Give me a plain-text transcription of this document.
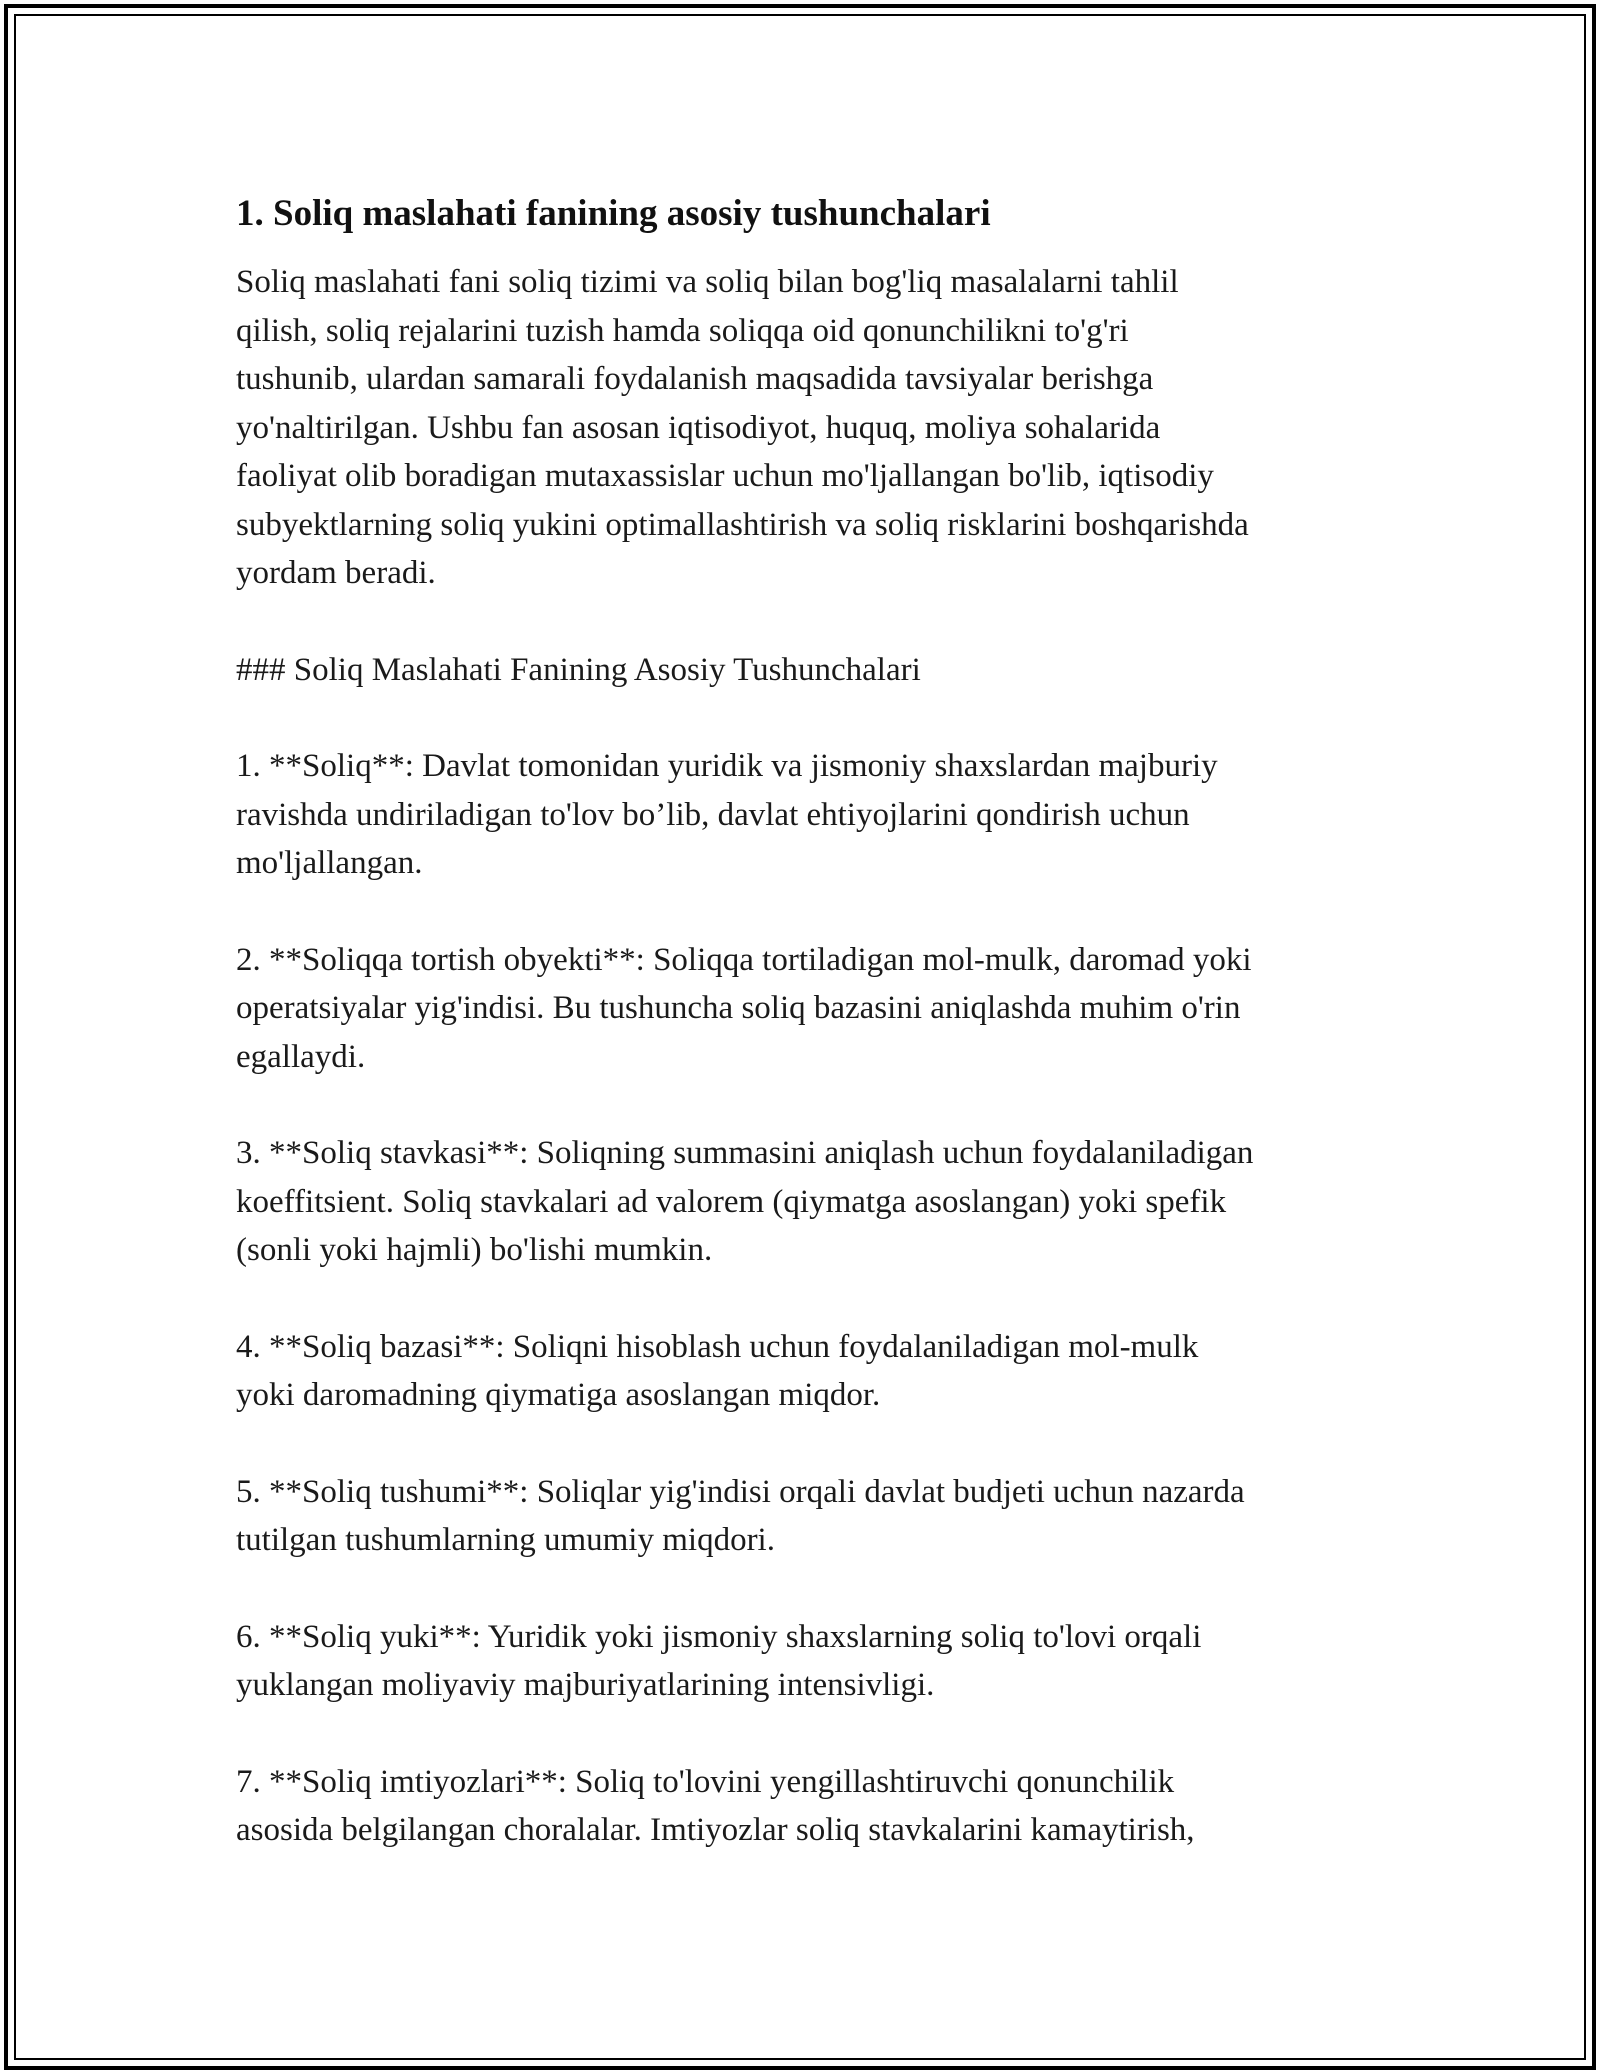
1. Soliq maslahati fanining asosiy tushunchalari

Soliq maslahati fani soliq tizimi va soliq bilan bog'liq masalalarni tahlil
qilish, soliq rejalarini tuzish hamda soliqqa oid qonunchilikni to'g'ri
tushunib, ulardan samarali foydalanish maqsadida tavsiyalar berishga
yo'naltirilgan. Ushbu fan asosan iqtisodiyot, huquq, moliya sohalarida
faoliyat olib boradigan mutaxassislar uchun mo'ljallangan bo'lib, iqtisodiy
subyektlarning soliq yukini optimallashtirish va soliq risklarini boshqarishda
yordam beradi.

### Soliq Maslahati Fanining Asosiy Tushunchalari

1. **Soliq**: Davlat tomonidan yuridik va jismoniy shaxslardan majburiy
ravishda undiriladigan to'lov bo’lib, davlat ehtiyojlarini qondirish uchun
mo'ljallangan.

2. **Soliqqa tortish obyekti**: Soliqqa tortiladigan mol-mulk, daromad yoki
operatsiyalar yig'indisi. Bu tushuncha soliq bazasini aniqlashda muhim o'rin
egallaydi.

3. **Soliq stavkasi**: Soliqning summasini aniqlash uchun foydalaniladigan
koeffitsient. Soliq stavkalari ad valorem (qiymatga asoslangan) yoki spefik
(sonli yoki hajmli) bo'lishi mumkin.

4. **Soliq bazasi**: Soliqni hisoblash uchun foydalaniladigan mol-mulk
yoki daromadning qiymatiga asoslangan miqdor.

5. **Soliq tushumi**: Soliqlar yig'indisi orqali davlat budjeti uchun nazarda
tutilgan tushumlarning umumiy miqdori.

6. **Soliq yuki**: Yuridik yoki jismoniy shaxslarning soliq to'lovi orqali
yuklangan moliyaviy majburiyatlarining intensivligi.

7. **Soliq imtiyozlari**: Soliq to'lovini yengillashtiruvchi qonunchilik
asosida belgilangan choralalar. Imtiyozlar soliq stavkalarini kamaytirish,
